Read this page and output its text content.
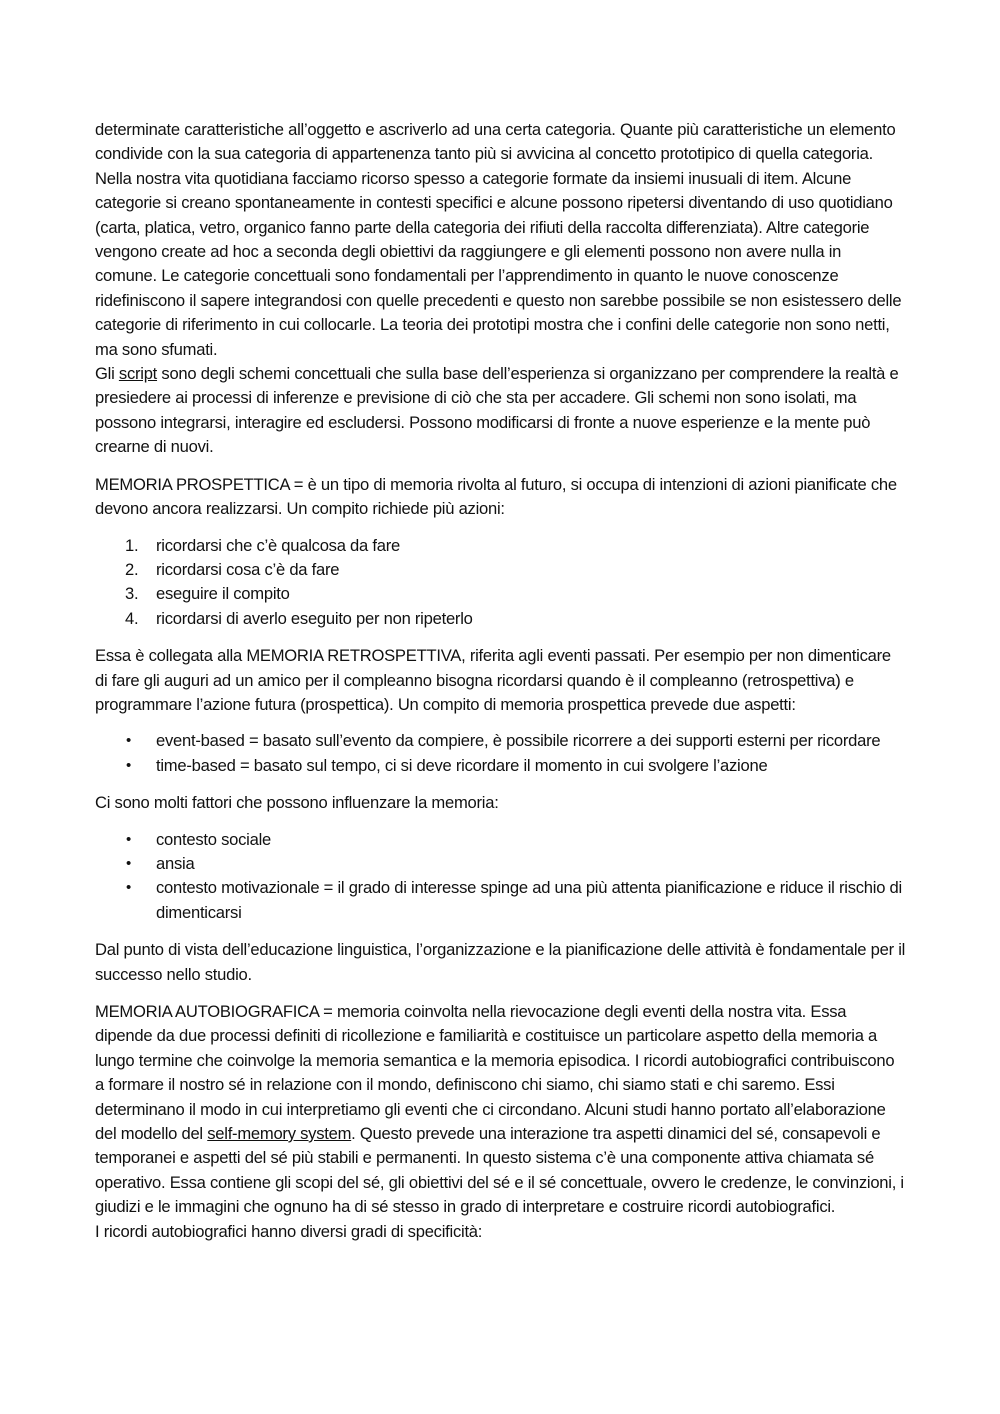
determinate caratteristiche all’oggetto e ascriverlo ad una certa categoria. Quante più caratteristiche un elemento condivide con la sua categoria di appartenenza tanto più si avvicina al concetto prototipico di quella categoria. Nella nostra vita quotidiana facciamo ricorso spesso a categorie formate da insiemi inusuali di item. Alcune categorie si creano spontaneamente in contesti specifici e alcune possono ripetersi diventando di uso quotidiano (carta, platica, vetro, organico fanno parte della categoria dei rifiuti della raccolta differenziata). Altre categorie vengono create ad hoc a seconda degli obiettivi da raggiungere e gli elementi possono non avere nulla in comune. Le categorie concettuali sono fondamentali per l’apprendimento in quanto le nuove conoscenze ridefiniscono il sapere integrandosi con quelle precedenti e questo non sarebbe possibile se non esistessero delle categorie di riferimento in cui collocarle. La teoria dei prototipi mostra che i confini delle categorie non sono netti, ma sono sfumati.

Gli script sono degli schemi concettuali che sulla base dell’esperienza si organizzano per comprendere la realtà e presiedere ai processi di inferenze e previsione di ciò che sta per accadere. Gli schemi non sono isolati, ma possono integrarsi, interagire ed escludersi. Possono modificarsi di fronte a nuove esperienze e la mente può crearne di nuovi.

MEMORIA PROSPETTICA = è un tipo di memoria rivolta al futuro, si occupa di intenzioni di azioni pianificate che devono ancora realizzarsi. Un compito richiede più azioni:

1. ricordarsi che c’è qualcosa da fare
2. ricordarsi cosa c’è da fare
3. eseguire il compito
4. ricordarsi di averlo eseguito per non ripeterlo

Essa è collegata alla MEMORIA RETROSPETTIVA, riferita agli eventi passati. Per esempio per non dimenticare di fare gli auguri ad un amico per il compleanno bisogna ricordarsi quando è il compleanno (retrospettiva) e programmare l’azione futura (prospettica). Un compito di memoria prospettica prevede due aspetti:

• event-based = basato sull’evento da compiere, è possibile ricorrere a dei supporti esterni per ricordare
• time-based = basato sul tempo, ci si deve ricordare il momento in cui svolgere l’azione

Ci sono molti fattori che possono influenzare la memoria:

• contesto sociale
• ansia
• contesto motivazionale = il grado di interesse spinge ad una più attenta pianificazione e riduce il rischio di dimenticarsi

Dal punto di vista dell’educazione linguistica, l’organizzazione e la pianificazione delle attività è fondamentale per il successo nello studio.

MEMORIA AUTOBIOGRAFICA = memoria coinvolta nella rievocazione degli eventi della nostra vita. Essa dipende da due processi definiti di ricollezione e familiarità e costituisce un particolare aspetto della memoria a lungo termine che coinvolge la memoria semantica e la memoria episodica. I ricordi autobiografici contribuiscono a formare il nostro sé in relazione con il mondo, definiscono chi siamo, chi siamo stati e chi saremo. Essi determinano il modo in cui interpretiamo gli eventi che ci circondano. Alcuni studi hanno portato all’elaborazione del modello del self-memory system. Questo prevede una interazione tra aspetti dinamici del sé, consapevoli e temporanei e aspetti del sé più stabili e permanenti. In questo sistema c’è una componente attiva chiamata sé operativo. Essa contiene gli scopi del sé, gli obiettivi del sé e il sé concettuale, ovvero le credenze, le convinzioni, i giudizi e le immagini che ognuno ha di sé stesso in grado di interpretare e costruire ricordi autobiografici.

I ricordi autobiografici hanno diversi gradi di specificità:
